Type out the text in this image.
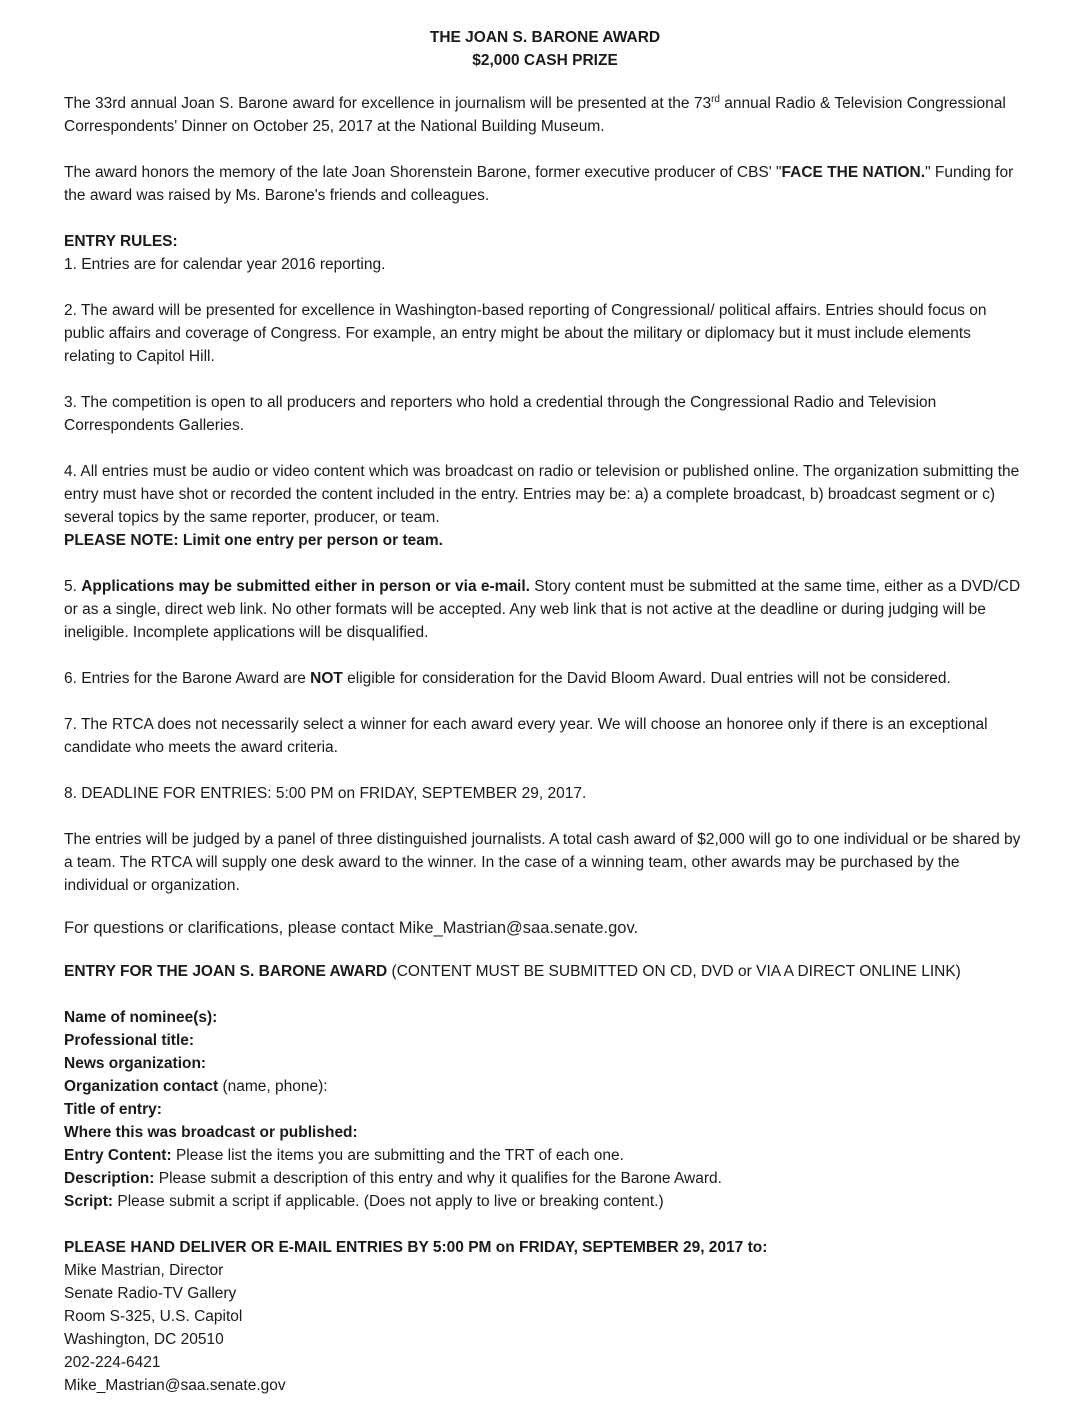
THE JOAN S. BARONE AWARD
$2,000 CASH PRIZE

The 33rd annual Joan S. Barone award for excellence in journalism will be presented at the 73rd annual Radio & Television Congressional Correspondents' Dinner on October 25, 2017 at the National Building Museum.

The award honors the memory of the late Joan Shorenstein Barone, former executive producer of CBS' "FACE THE NATION." Funding for the award was raised by Ms. Barone's friends and colleagues.

ENTRY RULES:

1. Entries are for calendar year 2016 reporting.

2. The award will be presented for excellence in Washington-based reporting of Congressional/ political affairs. Entries should focus on public affairs and coverage of Congress. For example, an entry might be about the military or diplomacy but it must include elements relating to Capitol Hill.

3. The competition is open to all producers and reporters who hold a credential through the Congressional Radio and Television Correspondents Galleries.

4. All entries must be audio or video content which was broadcast on radio or television or published online. The organization submitting the entry must have shot or recorded the content included in the entry. Entries may be: a) a complete broadcast, b) broadcast segment or c) several topics by the same reporter, producer, or team.

PLEASE NOTE: Limit one entry per person or team.

5. Applications may be submitted either in person or via e-mail. Story content must be submitted at the same time, either as a DVD/CD or as a single, direct web link. No other formats will be accepted. Any web link that is not active at the deadline or during judging will be ineligible. Incomplete applications will be disqualified.

6. Entries for the Barone Award are NOT eligible for consideration for the David Bloom Award. Dual entries will not be considered.

7. The RTCA does not necessarily select a winner for each award every year. We will choose an honoree only if there is an exceptional candidate who meets the award criteria.

8. DEADLINE FOR ENTRIES: 5:00 PM on FRIDAY, SEPTEMBER 29, 2017.

The entries will be judged by a panel of three distinguished journalists. A total cash award of $2,000 will go to one individual or be shared by a team. The RTCA will supply one desk award to the winner. In the case of a winning team, other awards may be purchased by the individual or organization.

For questions or clarifications, please contact Mike_Mastrian@saa.senate.gov.

ENTRY FOR THE JOAN S. BARONE AWARD (CONTENT MUST BE SUBMITTED ON CD, DVD or VIA A DIRECT ONLINE LINK)

Name of nominee(s):

Professional title:

News organization:

Organization contact (name, phone):

Title of entry:

Where this was broadcast or published:

Entry Content: Please list the items you are submitting and the TRT of each one.

Description: Please submit a description of this entry and why it qualifies for the Barone Award.

Script: Please submit a script if applicable. (Does not apply to live or breaking content.)

PLEASE HAND DELIVER OR E-MAIL ENTRIES BY 5:00 PM on FRIDAY, SEPTEMBER 29, 2017 to:

Mike Mastrian, Director

Senate Radio-TV Gallery

Room S-325, U.S. Capitol

Washington, DC 20510

202-224-6421

Mike_Mastrian@saa.senate.gov
